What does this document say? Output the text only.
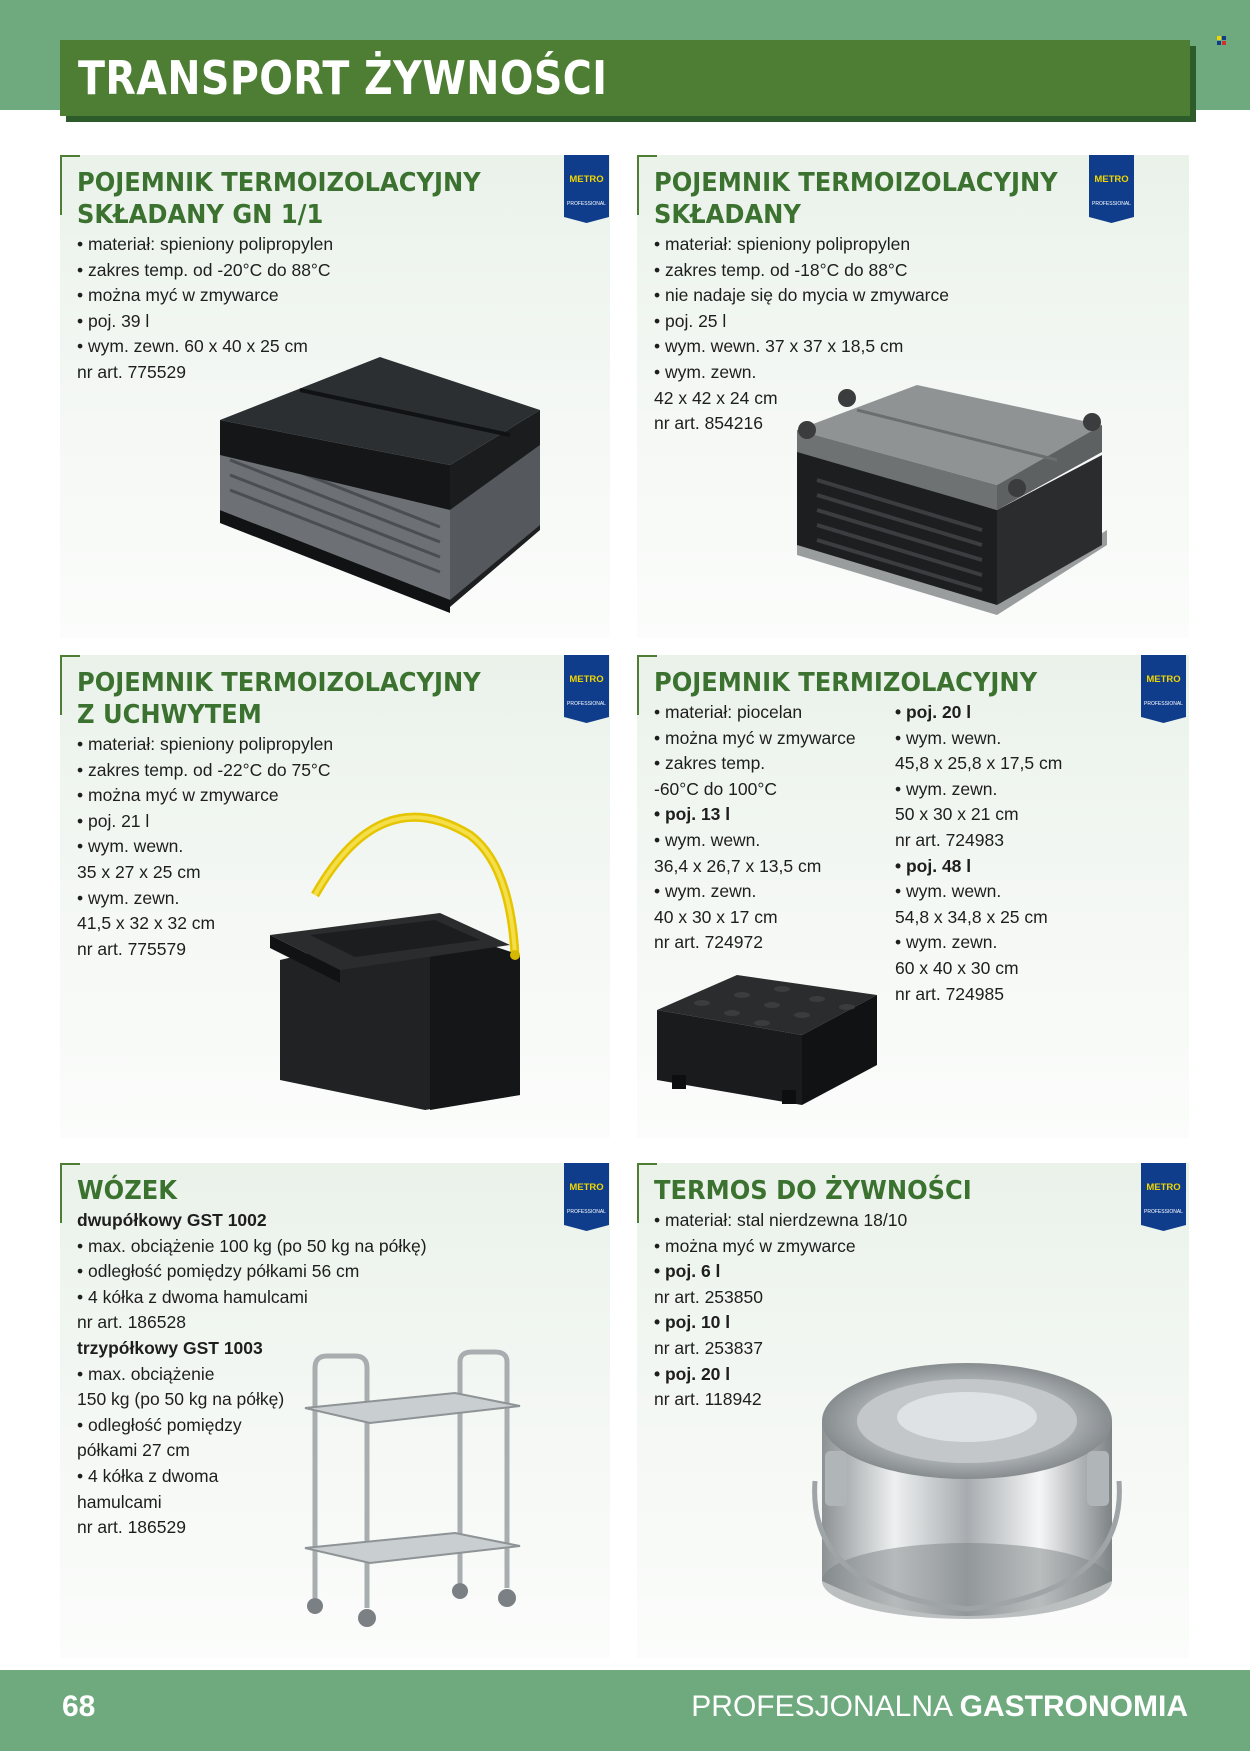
TRANSPORT ŻYWNOŚCI
POJEMNIK TERMOIZOLACYJNY
SKŁADANY GN 1/1
• materiał: spieniony polipropylen
• zakres temp. od -20°C do 88°C
• można myć w zmywarce
• poj. 39 l
• wym. zewn. 60 x 40 x 25 cm
nr art. 775529
METRO
PROFESSIONAL
POJEMNIK TERMOIZOLACYJNY
SKŁADANY
• materiał: spieniony polipropylen
• zakres temp. od -18°C do 88°C
• nie nadaje się do mycia w zmywarce
• poj. 25 l
• wym. wewn. 37 x 37 x 18,5 cm
• wym. zewn.
42 x 42 x 24 cm
nr art. 854216
METRO
PROFESSIONAL
POJEMNIK TERMOIZOLACYJNY
Z UCHWYTEM
• materiał: spieniony polipropylen
• zakres temp. od -22°C do 75°C
• można myć w zmywarce
• poj. 21 l
• wym. wewn.
35 x 27 x 25 cm
• wym. zewn.
41,5 x 32 x 32 cm
nr art. 775579
METRO
PROFESSIONAL
POJEMNIK TERMIZOLACYJNY
• materiał: piocelan
• można myć w zmywarce
• zakres temp.
-60°C do 100°C
• poj. 13 l
• wym. wewn.
36,4 x 26,7 x 13,5 cm
• wym. zewn.
40 x 30 x 17 cm
nr art. 724972
• poj. 20 l
• wym. wewn.
45,8 x 25,8 x 17,5 cm
• wym. zewn.
50 x 30 x 21 cm
nr art. 724983
• poj. 48 l
• wym. wewn.
54,8 x 34,8 x 25 cm
• wym. zewn.
60 x 40 x 30 cm
nr art. 724985
METRO
PROFESSIONAL
WÓZEK
dwupółkowy GST 1002
• max. obciążenie 100 kg (po 50 kg na półkę)
• odległość pomiędzy półkami 56 cm
• 4 kółka z dwoma hamulcami
nr art. 186528
trzypółkowy GST 1003
• max. obciążenie
150 kg (po 50 kg na półkę)
• odległość pomiędzy
półkami 27 cm
• 4 kółka z dwoma
hamulcami
nr art. 186529
METRO
PROFESSIONAL
TERMOS DO ŻYWNOŚCI
• materiał: stal nierdzewna 18/10
• można myć w zmywarce
• poj. 6 l
nr art. 253850
• poj. 10 l
nr art. 253837
• poj. 20 l
nr art. 118942
METRO
PROFESSIONAL
68	PROFESJONALNA GASTRONOMIA
